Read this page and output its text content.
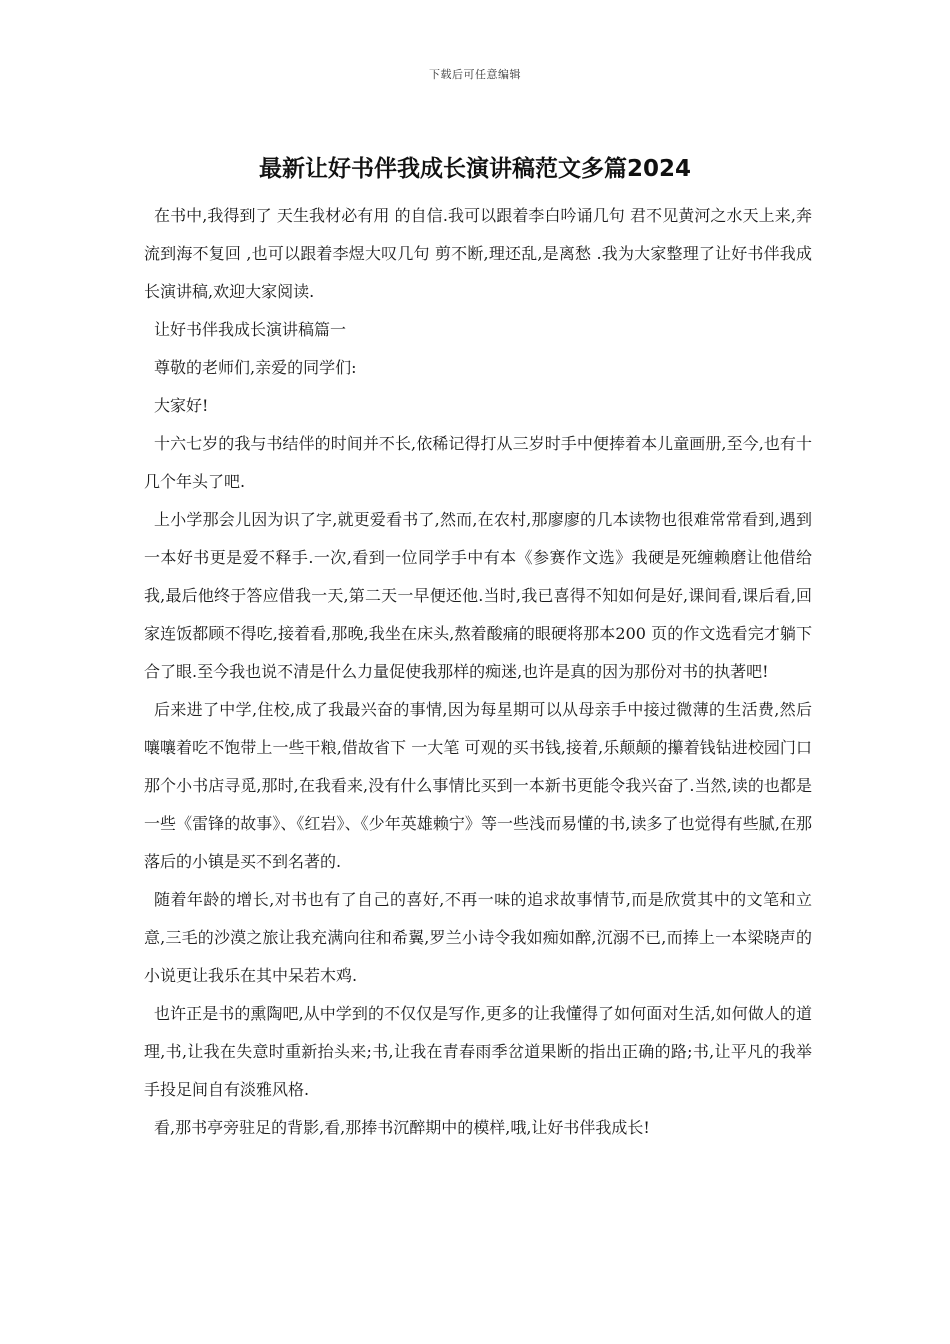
下载后可任意编辑
最新让好书伴我成长演讲稿范文多篇2024

在书中,我得到了 天生我材必有用 的自信.我可以跟着李白吟诵几句 君不见黄河之水天上来,奔流到海不复回 ,也可以跟着李煜大叹几句 剪不断,理还乱,是离愁 .我为大家整理了让好书伴我成长演讲稿,欢迎大家阅读.

让好书伴我成长演讲稿篇一

尊敬的老师们,亲爱的同学们:

大家好!

十六七岁的我与书结伴的时间并不长,依稀记得打从三岁时手中便捧着本儿童画册,至今,也有十几个年头了吧.

上小学那会儿因为识了字,就更爱看书了,然而,在农村,那廖廖的几本读物也很难常常看到,遇到一本好书更是爱不释手.一次,看到一位同学手中有本《参赛作文选》我硬是死缠赖磨让他借给我,最后他终于答应借我一天,第二天一早便还他.当时,我已喜得不知如何是好,课间看,课后看,回家连饭都顾不得吃,接着看,那晚,我坐在床头,熬着酸痛的眼硬将那本200 页的作文选看完才躺下合了眼.至今我也说不清是什么力量促使我那样的痴迷,也许是真的因为那份对书的执著吧!

后来进了中学,住校,成了我最兴奋的事情,因为每星期可以从母亲手中接过微薄的生活费,然后嚷嚷着吃不饱带上一些干粮,借故省下 一大笔 可观的买书钱,接着,乐颠颠的攥着钱钻进校园门口那个小书店寻觅,那时,在我看来,没有什么事情比买到一本新书更能令我兴奋了.当然,读的也都是一些《雷锋的故事》、《红岩》、《少年英雄赖宁》等一些浅而易懂的书,读多了也觉得有些腻,在那落后的小镇是买不到名著的.

随着年龄的增长,对书也有了自己的喜好,不再一味的追求故事情节,而是欣赏其中的文笔和立意,三毛的沙漠之旅让我充满向往和希翼,罗兰小诗令我如痴如醉,沉溺不已,而捧上一本梁晓声的小说更让我乐在其中呆若木鸡.

也许正是书的熏陶吧,从中学到的不仅仅是写作,更多的让我懂得了如何面对生活,如何做人的道理,书,让我在失意时重新抬头来;书,让我在青春雨季岔道果断的指出正确的路;书,让平凡的我举手投足间自有淡雅风格.

看,那书亭旁驻足的背影,看,那捧书沉醉期中的模样,哦,让好书伴我成长!
